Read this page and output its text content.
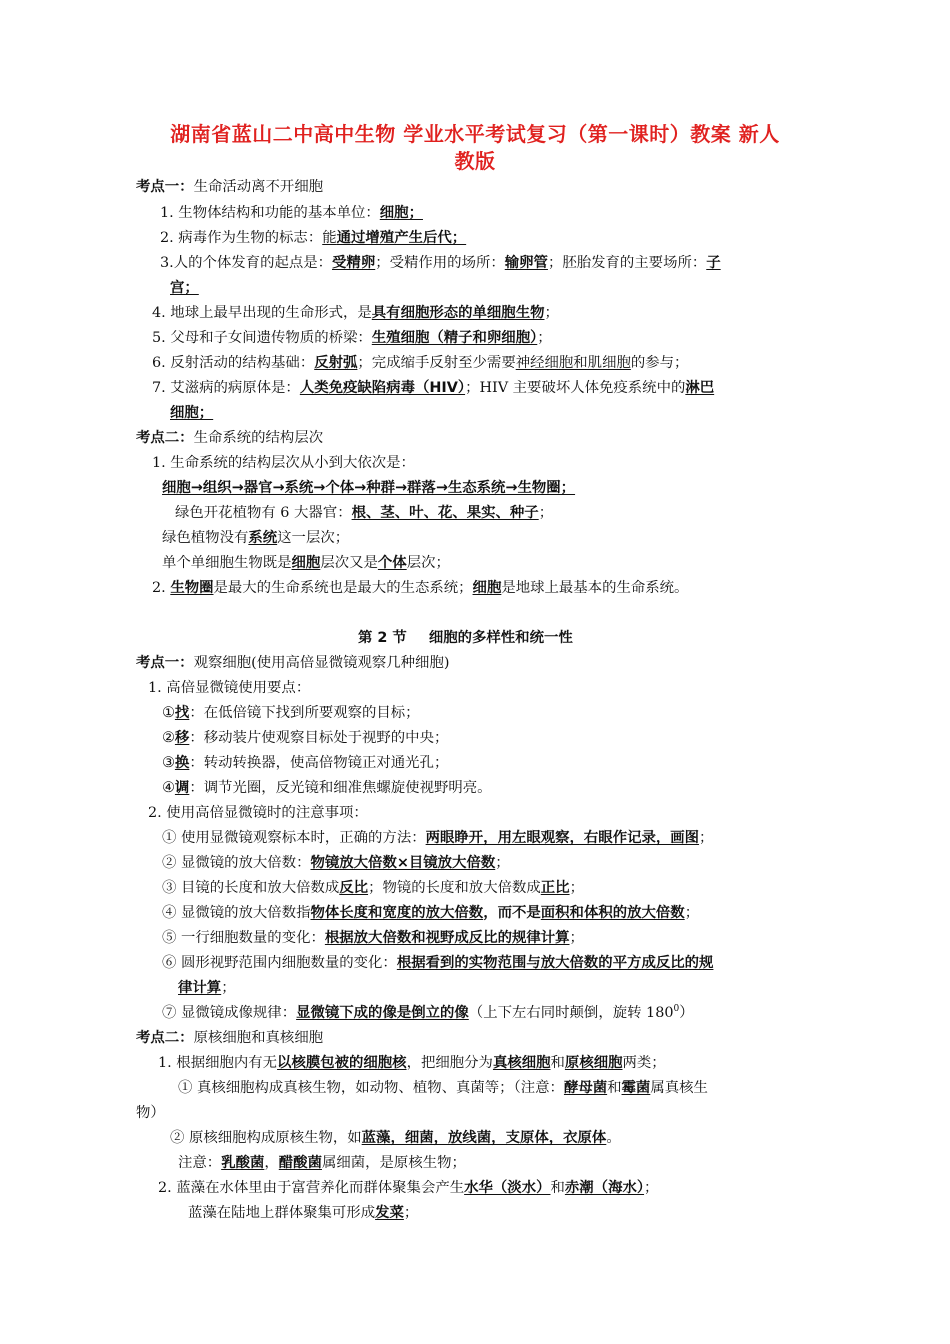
湖南省蓝山二中高中生物 学业水平考试复习（第一课时）教案 新人
教版
考点一：生命活动离不开细胞
1. 生物体结构和功能的基本单位：细胞；
2. 病毒作为生物的标志：能通过增殖产生后代；
3.人的个体发育的起点是：受精卵；受精作用的场所：输卵管；胚胎发育的主要场所：子
宫；
4. 地球上最早出现的生命形式，是具有细胞形态的单细胞生物；
5. 父母和子女间遗传物质的桥梁：生殖细胞（精子和卵细胞）；
6. 反射活动的结构基础：反射弧；完成缩手反射至少需要神经细胞和肌细胞的参与；
7. 艾滋病的病原体是：人类免疫缺陷病毒（HIV）；HIV 主要破坏人体免疫系统中的淋巴
细胞；
考点二：生命系统的结构层次
1. 生命系统的结构层次从小到大依次是：
细胞→组织→器官→系统→个体→种群→群落→生态系统→生物圈；
绿色开花植物有 6 大器官：根、茎、叶、花、果实、种子；
绿色植物没有系统这一层次；
单个单细胞生物既是细胞层次又是个体层次；
2. 生物圈是最大的生命系统也是最大的生态系统；细胞是地球上最基本的生命系统。
第 2 节 细胞的多样性和统一性
考点一：观察细胞(使用高倍显微镜观察几种细胞)
1. 高倍显微镜使用要点：
①找：在低倍镜下找到所要观察的目标；
②移：移动装片使观察目标处于视野的中央；
③换：转动转换器，使高倍物镜正对通光孔；
④调：调节光圈，反光镜和细准焦螺旋使视野明亮。
2. 使用高倍显微镜时的注意事项：
① 使用显微镜观察标本时，正确的方法：两眼睁开，用左眼观察，右眼作记录，画图；
② 显微镜的放大倍数：物镜放大倍数×目镜放大倍数；
③ 目镜的长度和放大倍数成反比；物镜的长度和放大倍数成正比；
④ 显微镜的放大倍数指物体长度和宽度的放大倍数，而不是面积和体积的放大倍数；
⑤ 一行细胞数量的变化：根据放大倍数和视野成反比的规律计算；
⑥ 圆形视野范围内细胞数量的变化：根据看到的实物范围与放大倍数的平方成反比的规
律计算；
⑦ 显微镜成像规律：显微镜下成的像是倒立的像（上下左右同时颠倒，旋转 $180^0$）
考点二：原核细胞和真核细胞
1. 根据细胞内有无以核膜包被的细胞核，把细胞分为真核细胞和原核细胞两类；
① 真核细胞构成真核生物，如动物、植物、真菌等；（注意：酵母菌和霉菌属真核生
物）
② 原核细胞构成原核生物，如蓝藻，细菌，放线菌，支原体，衣原体。
注意：乳酸菌，醋酸菌属细菌，是原核生物；
2. 蓝藻在水体里由于富营养化而群体聚集会产生水华（淡水）和赤潮（海水）；
蓝藻在陆地上群体聚集可形成发菜；
